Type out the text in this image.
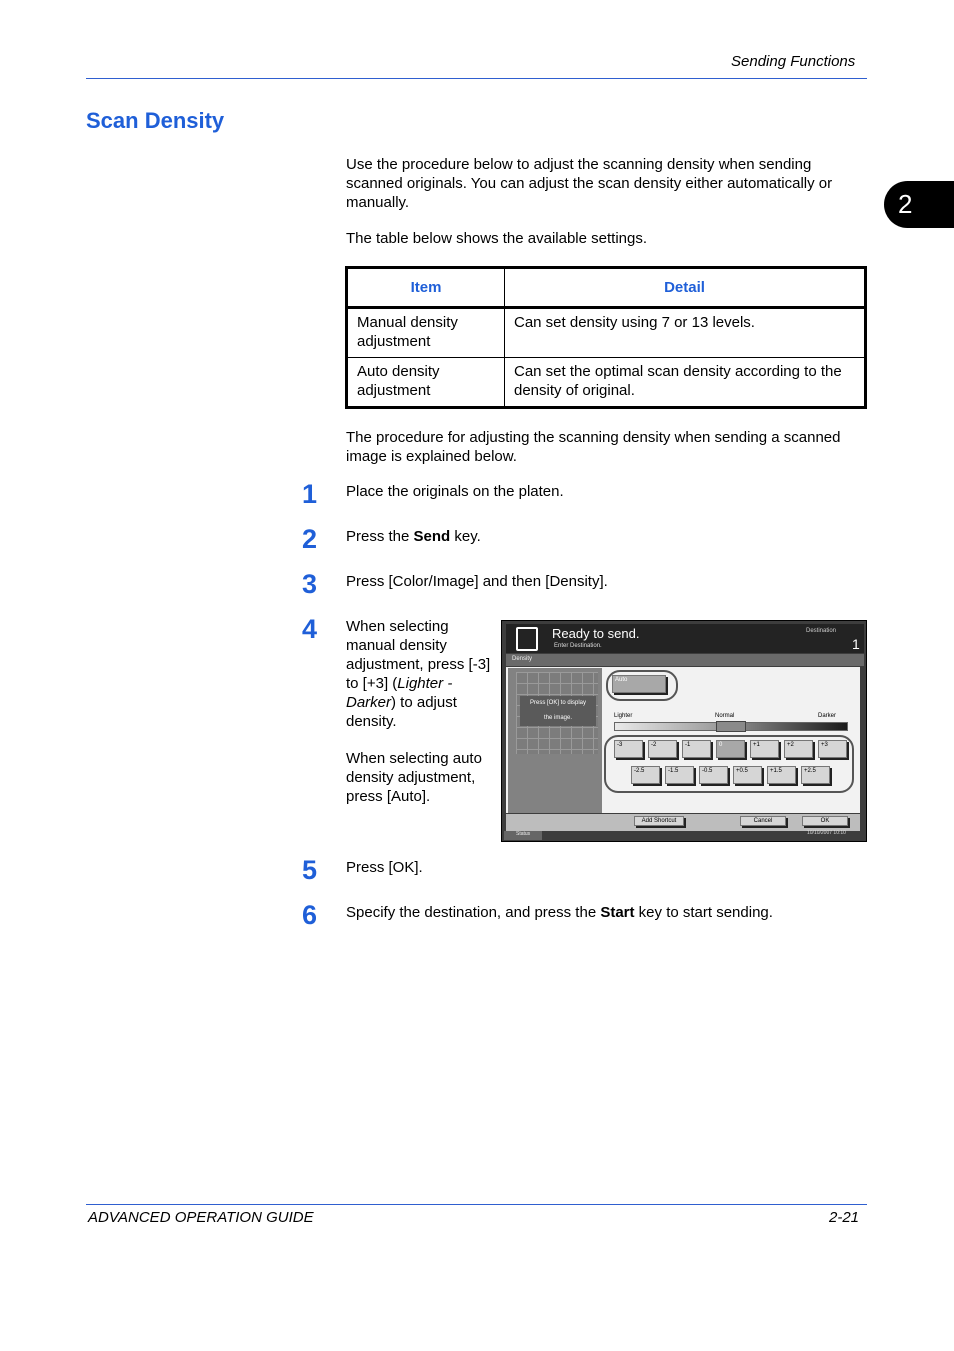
Sending Functions
Scan Density
2
Use the procedure below to adjust the scanning density when sending scanned originals. You can adjust the scan density either automatically or manually.
The table below shows the available settings.
Item	Detail
Manual density adjustment	Can set density using 7 or 13 levels.
Auto density adjustment	Can set the optimal scan density according to the density of original.
The procedure for adjusting the scanning density when sending a scanned image is explained below.
1 Place the originals on the platen.
2 Press the Send key.
3 Press [Color/Image] and then [Density].
4 When selecting manual density adjustment, press [-3] to [+3] (Lighter - Darker) to adjust density.
When selecting auto density adjustment, press [Auto].
Ready to send.
Enter Destination.
Destination
1
Density
Press [OK] to display
the image.
Auto
Lighter	Normal	Darker
-3	-2	-1	0	+1	+2	+3
-2.5	-1.5	-0.5	+0.5	+1.5	+2.5
Add Shortcut	Cancel	OK
Status	10/10/2007 10:10
5 Press [OK].
6 Specify the destination, and press the Start key to start sending.
ADVANCED OPERATION GUIDE	2-21
